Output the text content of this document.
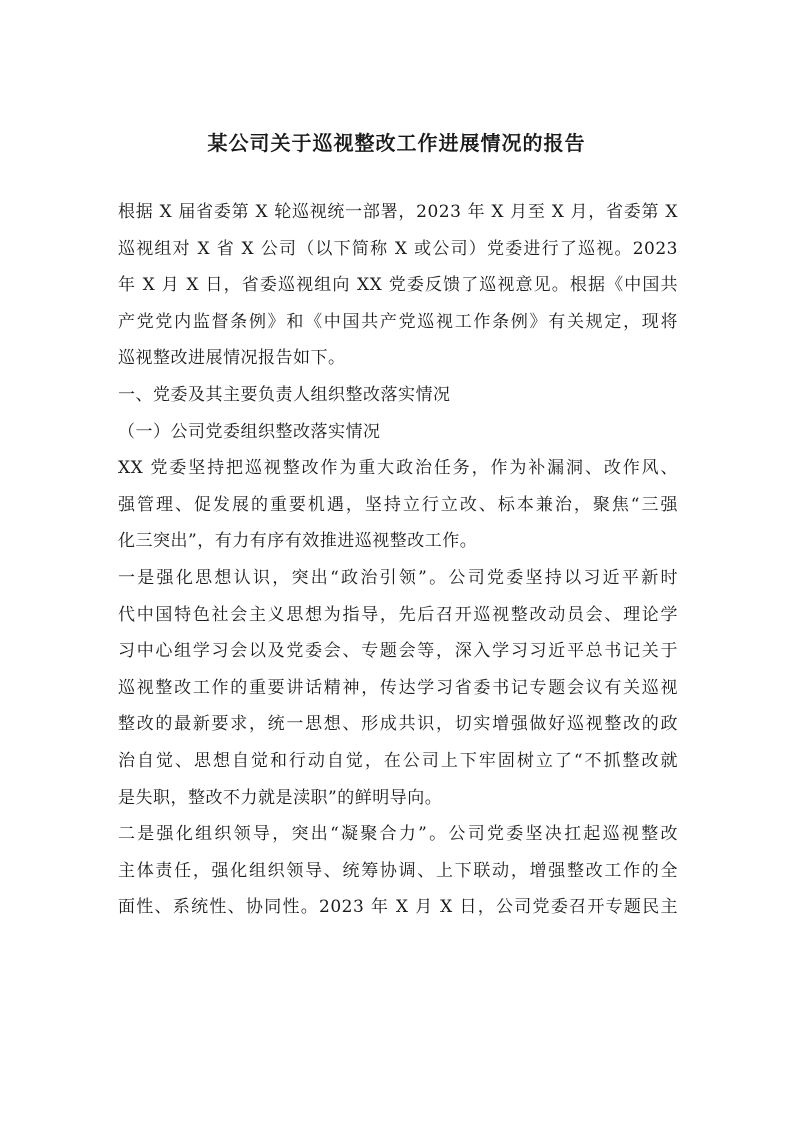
某公司关于巡视整改工作进展情况的报告

根据 X 届省委第 X 轮巡视统一部署，2023 年 X 月至 X 月，省委第 X
巡视组对 X 省 X 公司（以下简称 X 或公司）党委进行了巡视。2023
年 X 月 X 日，省委巡视组向 XX 党委反馈了巡视意见。根据《中国共
产党党内监督条例》和《中国共产党巡视工作条例》有关规定，现将
巡视整改进展情况报告如下。

一、党委及其主要负责人组织整改落实情况

（一）公司党委组织整改落实情况

XX 党委坚持把巡视整改作为重大政治任务，作为补漏洞、改作风、
强管理、促发展的重要机遇，坚持立行立改、标本兼治，聚焦“三强
化三突出”，有力有序有效推进巡视整改工作。

一是强化思想认识，突出“政治引领”。公司党委坚持以习近平新时
代中国特色社会主义思想为指导，先后召开巡视整改动员会、理论学
习中心组学习会以及党委会、专题会等，深入学习习近平总书记关于
巡视整改工作的重要讲话精神，传达学习省委书记专题会议有关巡视
整改的最新要求，统一思想、形成共识，切实增强做好巡视整改的政
治自觉、思想自觉和行动自觉，在公司上下牢固树立了“不抓整改就
是失职，整改不力就是渎职”的鲜明导向。

二是强化组织领导，突出“凝聚合力”。公司党委坚决扛起巡视整改
主体责任，强化组织领导、统筹协调、上下联动，增强整改工作的全
面性、系统性、协同性。2023 年 X 月 X 日，公司党委召开专题民主
